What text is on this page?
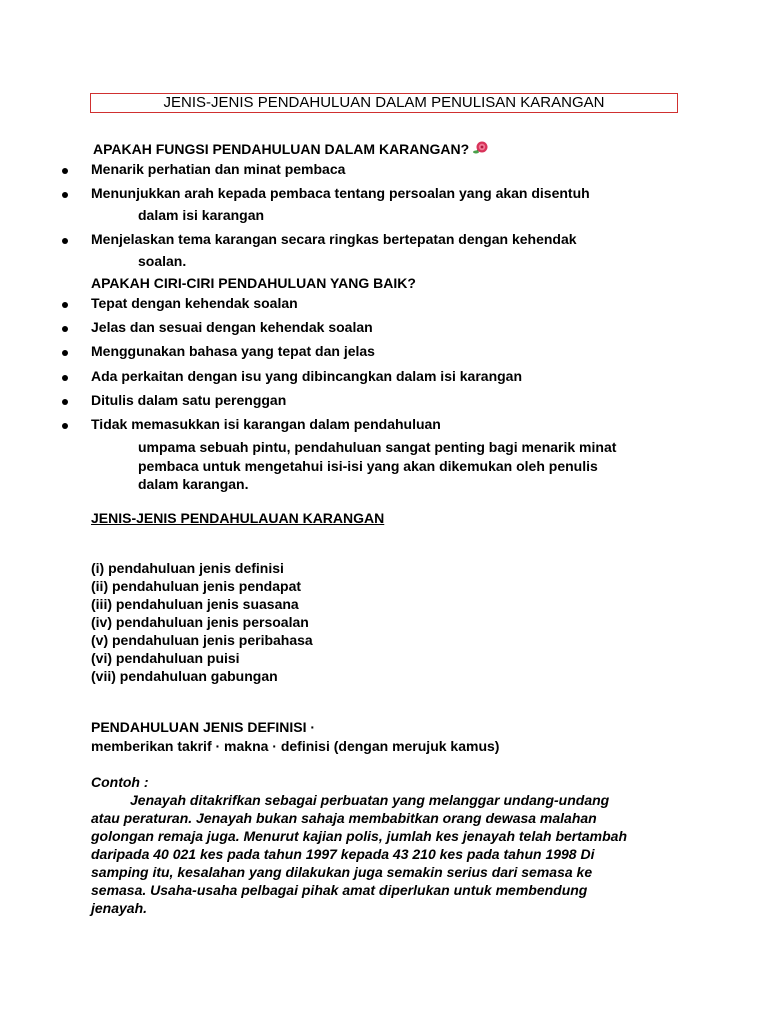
JENIS-JENIS PENDAHULUAN DALAM PENULISAN KARANGAN
APAKAH FUNGSI PENDAHULUAN DALAM KARANGAN?
Menarik perhatian dan minat pembaca
Menunjukkan arah kepada pembaca tentang persoalan yang akan disentuh
dalam isi karangan
Menjelaskan tema karangan secara ringkas bertepatan dengan kehendak
soalan.
APAKAH CIRI-CIRI PENDAHULUAN YANG BAIK?
Tepat dengan kehendak soalan
Jelas dan sesuai dengan kehendak soalan
Menggunakan bahasa yang tepat dan jelas
Ada perkaitan dengan isu yang dibincangkan dalam isi karangan
Ditulis dalam satu perenggan
Tidak memasukkan isi karangan dalam pendahuluan
umpama sebuah pintu, pendahuluan sangat penting bagi menarik minat
pembaca untuk mengetahui isi-isi yang akan dikemukan oleh penulis
dalam karangan.
JENIS-JENIS PENDAHULAUAN KARANGAN
(i) pendahuluan jenis definisi
(ii) pendahuluan jenis pendapat
(iii) pendahuluan jenis suasana
(iv) pendahuluan jenis persoalan
(v) pendahuluan jenis peribahasa
(vi) pendahuluan puisi
(vii) pendahuluan gabungan
PENDAHULUAN JENIS DEFINISI ·
memberikan takrif · makna · definisi (dengan merujuk kamus)
Contoh :
Jenayah ditakrifkan sebagai perbuatan yang melanggar undang-undang
atau peraturan. Jenayah bukan sahaja membabitkan orang dewasa malahan
golongan remaja juga. Menurut kajian polis, jumlah kes jenayah telah bertambah
daripada 40 021 kes pada tahun 1997 kepada 43 210 kes pada tahun 1998 Di
samping itu, kesalahan yang dilakukan juga semakin serius dari semasa ke
semasa. Usaha-usaha pelbagai pihak amat diperlukan untuk membendung
jenayah.
